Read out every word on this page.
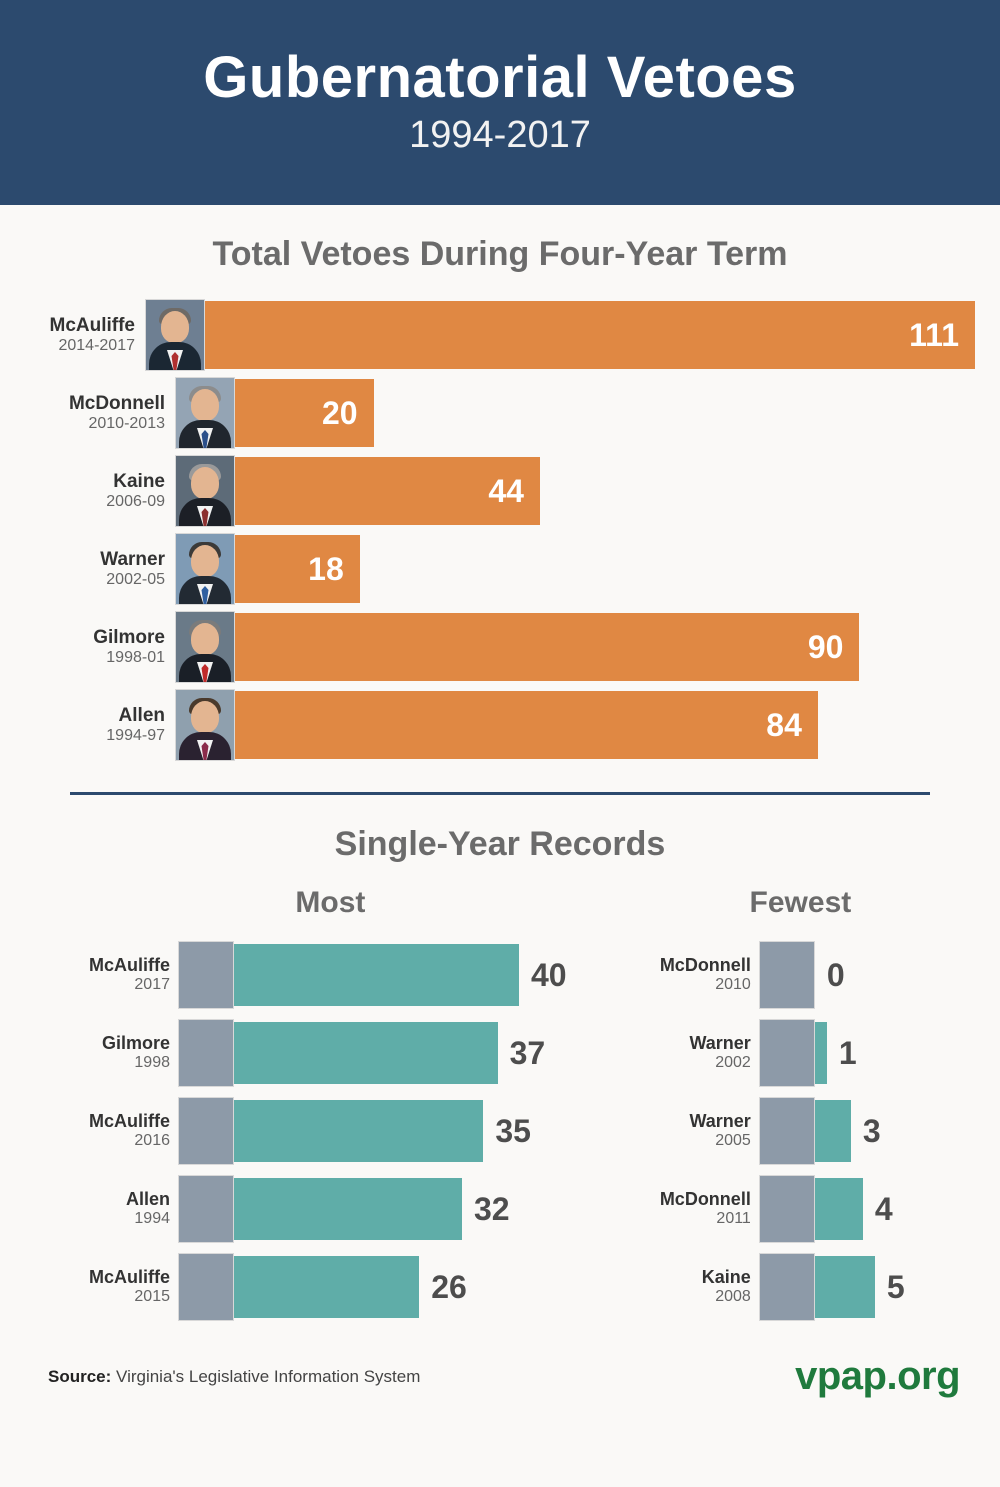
Gubernatorial Vetoes
1994-2017
Total Vetoes During Four-Year Term
McAuliffe
2014-2017	111
McDonnell
2010-2013	20
Kaine
2006-09	44
Warner
2002-05	18
Gilmore
1998-01	90
Allen
1994-97	84
Single-Year Records
Most
McAuliffe
2017	40
Gilmore
1998	37
McAuliffe
2016	35
Allen
1994	32
McAuliffe
2015	26
Fewest
McDonnell
2010 0
Warner
2002	1
Warner
2005	3
McDonnell
2011	4
Kaine
2008	5
Source: Virginia's Legislative Information System	vpap.org
